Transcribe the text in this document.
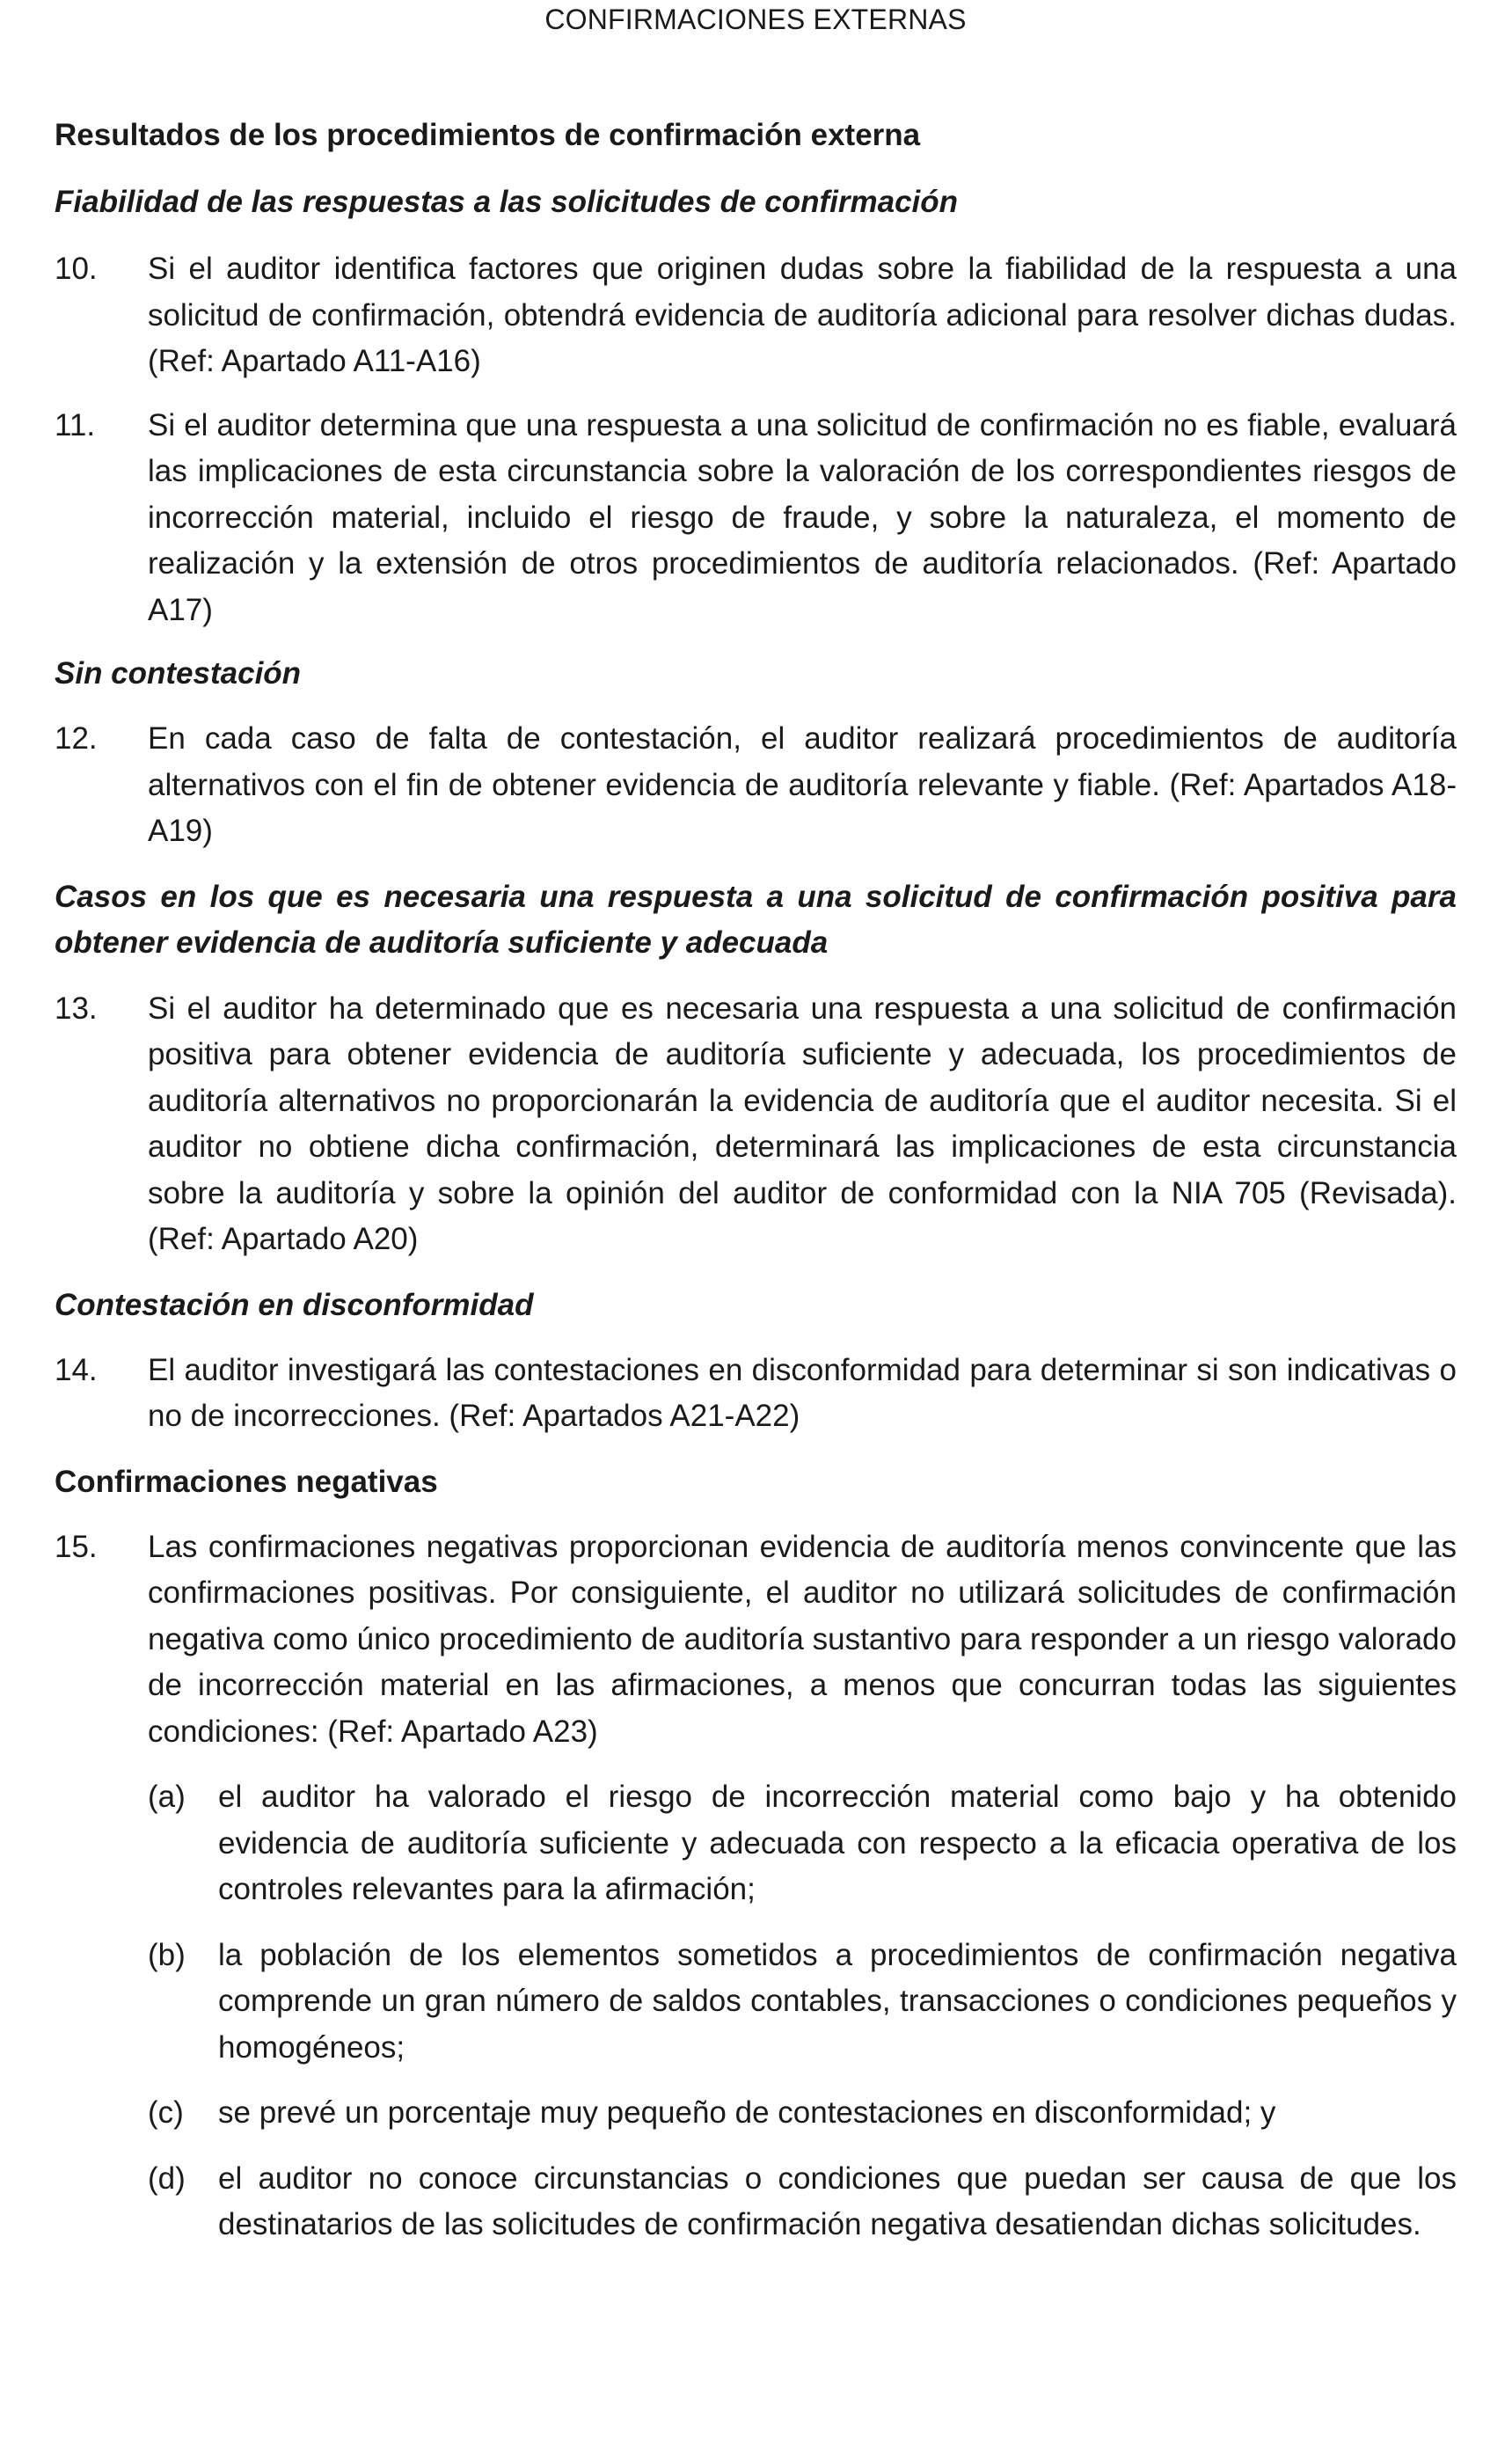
CONFIRMACIONES EXTERNAS
Resultados de los procedimientos de confirmación externa
Fiabilidad de las respuestas a las solicitudes de confirmación
10.	Si el auditor identifica factores que originen dudas sobre la fiabilidad de la respuesta a una solicitud de confirmación, obtendrá evidencia de auditoría adicional para resolver dichas dudas. (Ref: Apartado A11-A16)
11.	Si el auditor determina que una respuesta a una solicitud de confirmación no es fiable, evaluará las implicaciones de esta circunstancia sobre la valoración de los correspondientes riesgos de incorrección material, incluido el riesgo de fraude, y sobre la naturaleza, el momento de realización y la extensión de otros procedimientos de auditoría relacionados. (Ref: Apartado A17)
Sin contestación
12.	En cada caso de falta de contestación, el auditor realizará procedimientos de auditoría alternativos con el fin de obtener evidencia de auditoría relevante y fiable. (Ref: Apartados A18-A19)
Casos en los que es necesaria una respuesta a una solicitud de confirmación positiva para obtener evidencia de auditoría suficiente y adecuada
13.	Si el auditor ha determinado que es necesaria una respuesta a una solicitud de confirmación positiva para obtener evidencia de auditoría suficiente y adecuada, los procedimientos de auditoría alternativos no proporcionarán la evidencia de auditoría que el auditor necesita. Si el auditor no obtiene dicha confirmación, determinará las implicaciones de esta circunstancia sobre la auditoría y sobre la opinión del auditor de conformidad con la NIA 705 (Revisada). (Ref: Apartado A20)
Contestación en disconformidad
14.	El auditor investigará las contestaciones en disconformidad para determinar si son indicativas o no de incorrecciones. (Ref: Apartados A21-A22)
Confirmaciones negativas
15.	Las confirmaciones negativas proporcionan evidencia de auditoría menos convincente que las confirmaciones positivas. Por consiguiente, el auditor no utilizará solicitudes de confirmación negativa como único procedimiento de auditoría sustantivo para responder a un riesgo valorado de incorrección material en las afirmaciones, a menos que concurran todas las siguientes condiciones: (Ref: Apartado A23)
(a)	el auditor ha valorado el riesgo de incorrección material como bajo y ha obtenido evidencia de auditoría suficiente y adecuada con respecto a la eficacia operativa de los controles relevantes para la afirmación;
(b)	la población de los elementos sometidos a procedimientos de confirmación negativa comprende un gran número de saldos contables, transacciones o condiciones pequeños y homogéneos;
(c)	se prevé un porcentaje muy pequeño de contestaciones en disconformidad; y
(d)	el auditor no conoce circunstancias o condiciones que puedan ser causa de que los destinatarios de las solicitudes de confirmación negativa desatiendan dichas solicitudes.
